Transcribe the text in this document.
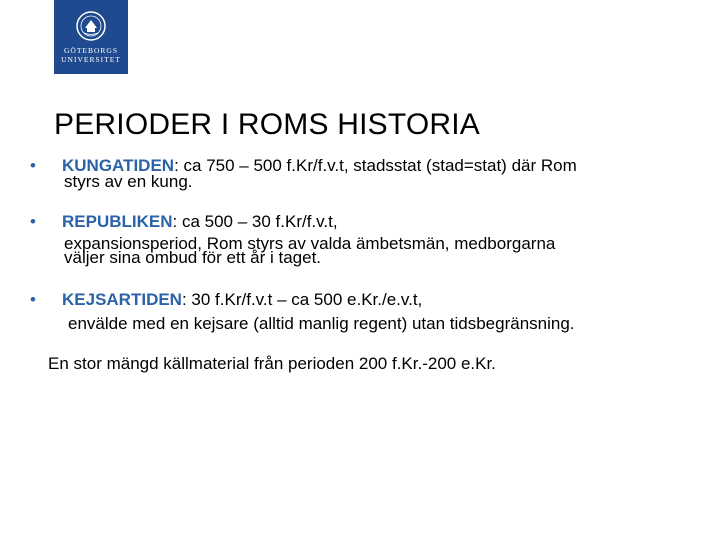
GÖTEBORGS
UNIVERSITET
PERIODER I ROMS HISTORIA
• KUNGATIDEN: ca 750 – 500 f.Kr/f.v.t, stadsstat (stad=stat) där Rom
styrs av en kung.
• REPUBLIKEN: ca 500 – 30 f.Kr/f.v.t,
expansionsperiod, Rom styrs av valda ämbetsmän, medborgarna
väljer sina ombud för ett år i taget.
• KEJSARTIDEN: 30 f.Kr/f.v.t – ca 500 e.Kr./e.v.t,
envälde med en kejsare (alltid manlig regent) utan tidsbegränsning.
En stor mängd källmaterial från perioden 200 f.Kr.-200 e.Kr.
